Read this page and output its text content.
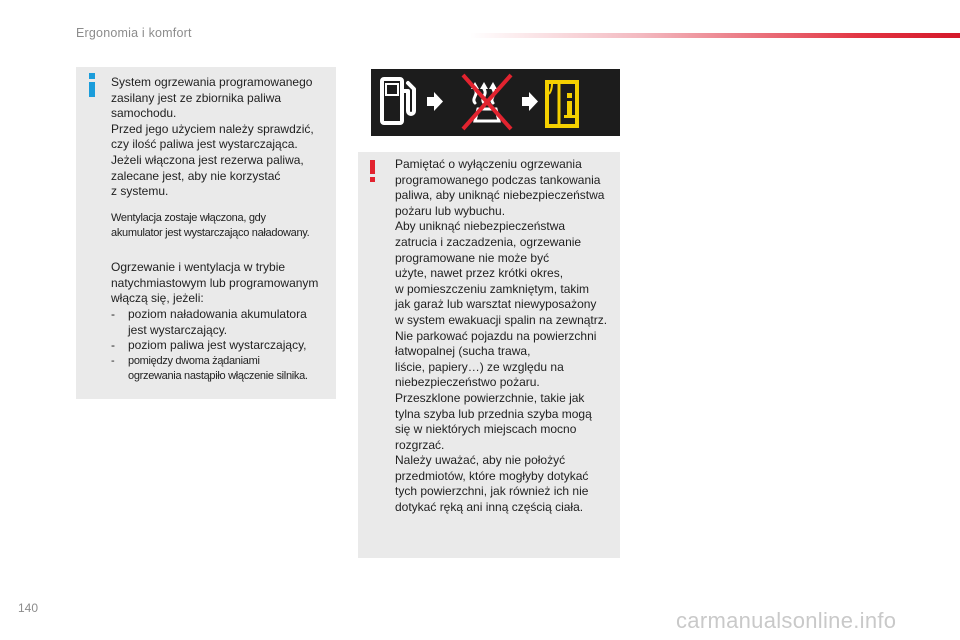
Ergonomia i komfort
System ogrzewania programowanego
zasilany jest ze zbiornika paliwa
samochodu.
Przed jego użyciem należy sprawdzić,
czy ilość paliwa jest wystarczająca.
Jeżeli włączona jest rezerwa paliwa,
zalecane jest, aby nie korzystać
z systemu.
Wentylacja zostaje włączona, gdy
akumulator jest wystarczająco naładowany.
Ogrzewanie i wentylacja w trybie
natychmiastowym lub programowanym
włączą się, jeżeli:
- poziom naładowania akumulatora
jest wystarczający.
- poziom paliwa jest wystarczający,
- pomiędzy dwoma żądaniami
ogrzewania nastąpiło włączenie silnika.
Pamiętać o wyłączeniu ogrzewania
programowanego podczas tankowania
paliwa, aby uniknąć niebezpieczeństwa
pożaru lub wybuchu.
Aby uniknąć niebezpieczeństwa
zatrucia i zaczadzenia, ogrzewanie
programowane nie może być
użyte, nawet przez krótki okres,
w pomieszczeniu zamkniętym, takim
jak garaż lub warsztat niewyposażony
w system ewakuacji spalin na zewnątrz.
Nie parkować pojazdu na powierzchni
łatwopalnej (sucha trawa,
liście, papiery…) ze względu na
niebezpieczeństwo pożaru.
Przeszklone powierzchnie, takie jak
tylna szyba lub przednia szyba mogą
się w niektórych miejscach mocno
rozgrzać.
Należy uważać, aby nie położyć
przedmiotów, które mogłyby dotykać
tych powierzchni, jak również ich nie
dotykać ręką ani inną częścią ciała.
140	carmanualsonline.info
